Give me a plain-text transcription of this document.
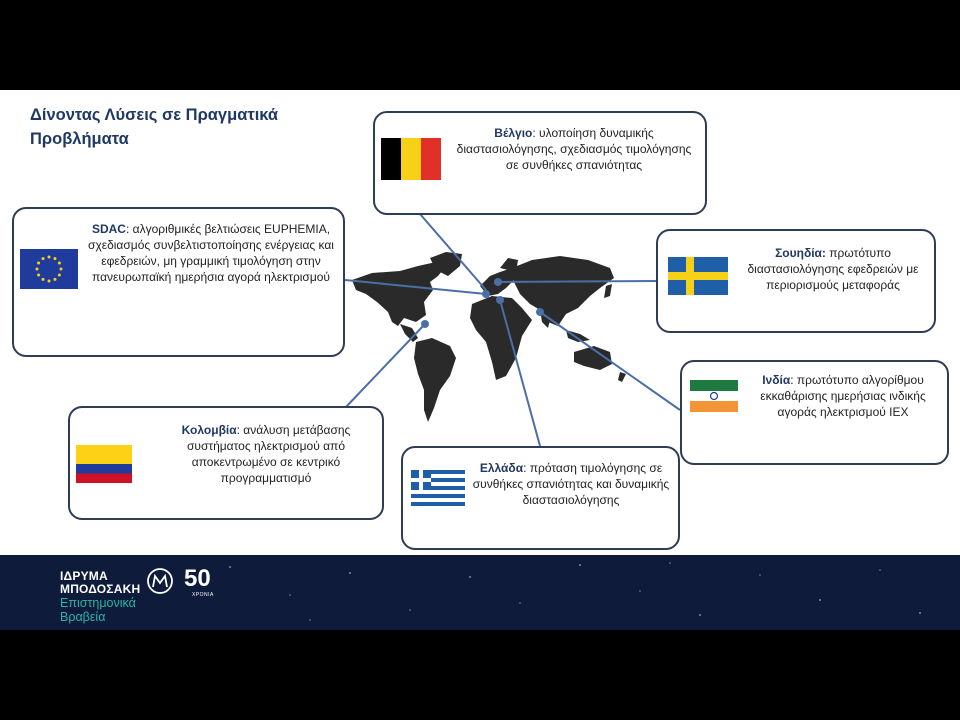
Δίνοντας Λύσεις σε Πραγματικά Προβλήματα	Βέλγιο: υλοποίηση δυναμικής διαστασιολόγησης, σχεδιασμός τιμολόγησης σε συνθήκες σπανιότητας
SDAC: αλγοριθμικές βελτιώσεις EUPHEMIA, σχεδιασμός συνβελτιστοποίησης ενέργειας και εφεδρειών, μη γραμμική τιμολόγηση στην πανευρωπαϊκή ημερήσια αγορά ηλεκτρισμού
Σουηδία: πρωτότυπο διαστασιολόγησης εφεδρειών με περιορισμούς μεταφοράς
Ινδία: πρωτότυπο αλγορίθμου εκκαθάρισης ημερήσιας ινδικής αγοράς ηλεκτρισμού IEX
Κολομβία: ανάλυση μετάβασης συστήματος ηλεκτρισμού από αποκεντρωμένο σε κεντρικό προγραμματισμό
Ελλάδα: πρόταση τιμολόγησης σε συνθήκες σπανιότητας και δυναμικής διαστασιολόγησης
ΙΔΡΥΜΑ
ΜΠΟΔΟΣΑΚΗ
Επιστημονικά
Βραβεία
50
ΧΡΟΝΙΑ
